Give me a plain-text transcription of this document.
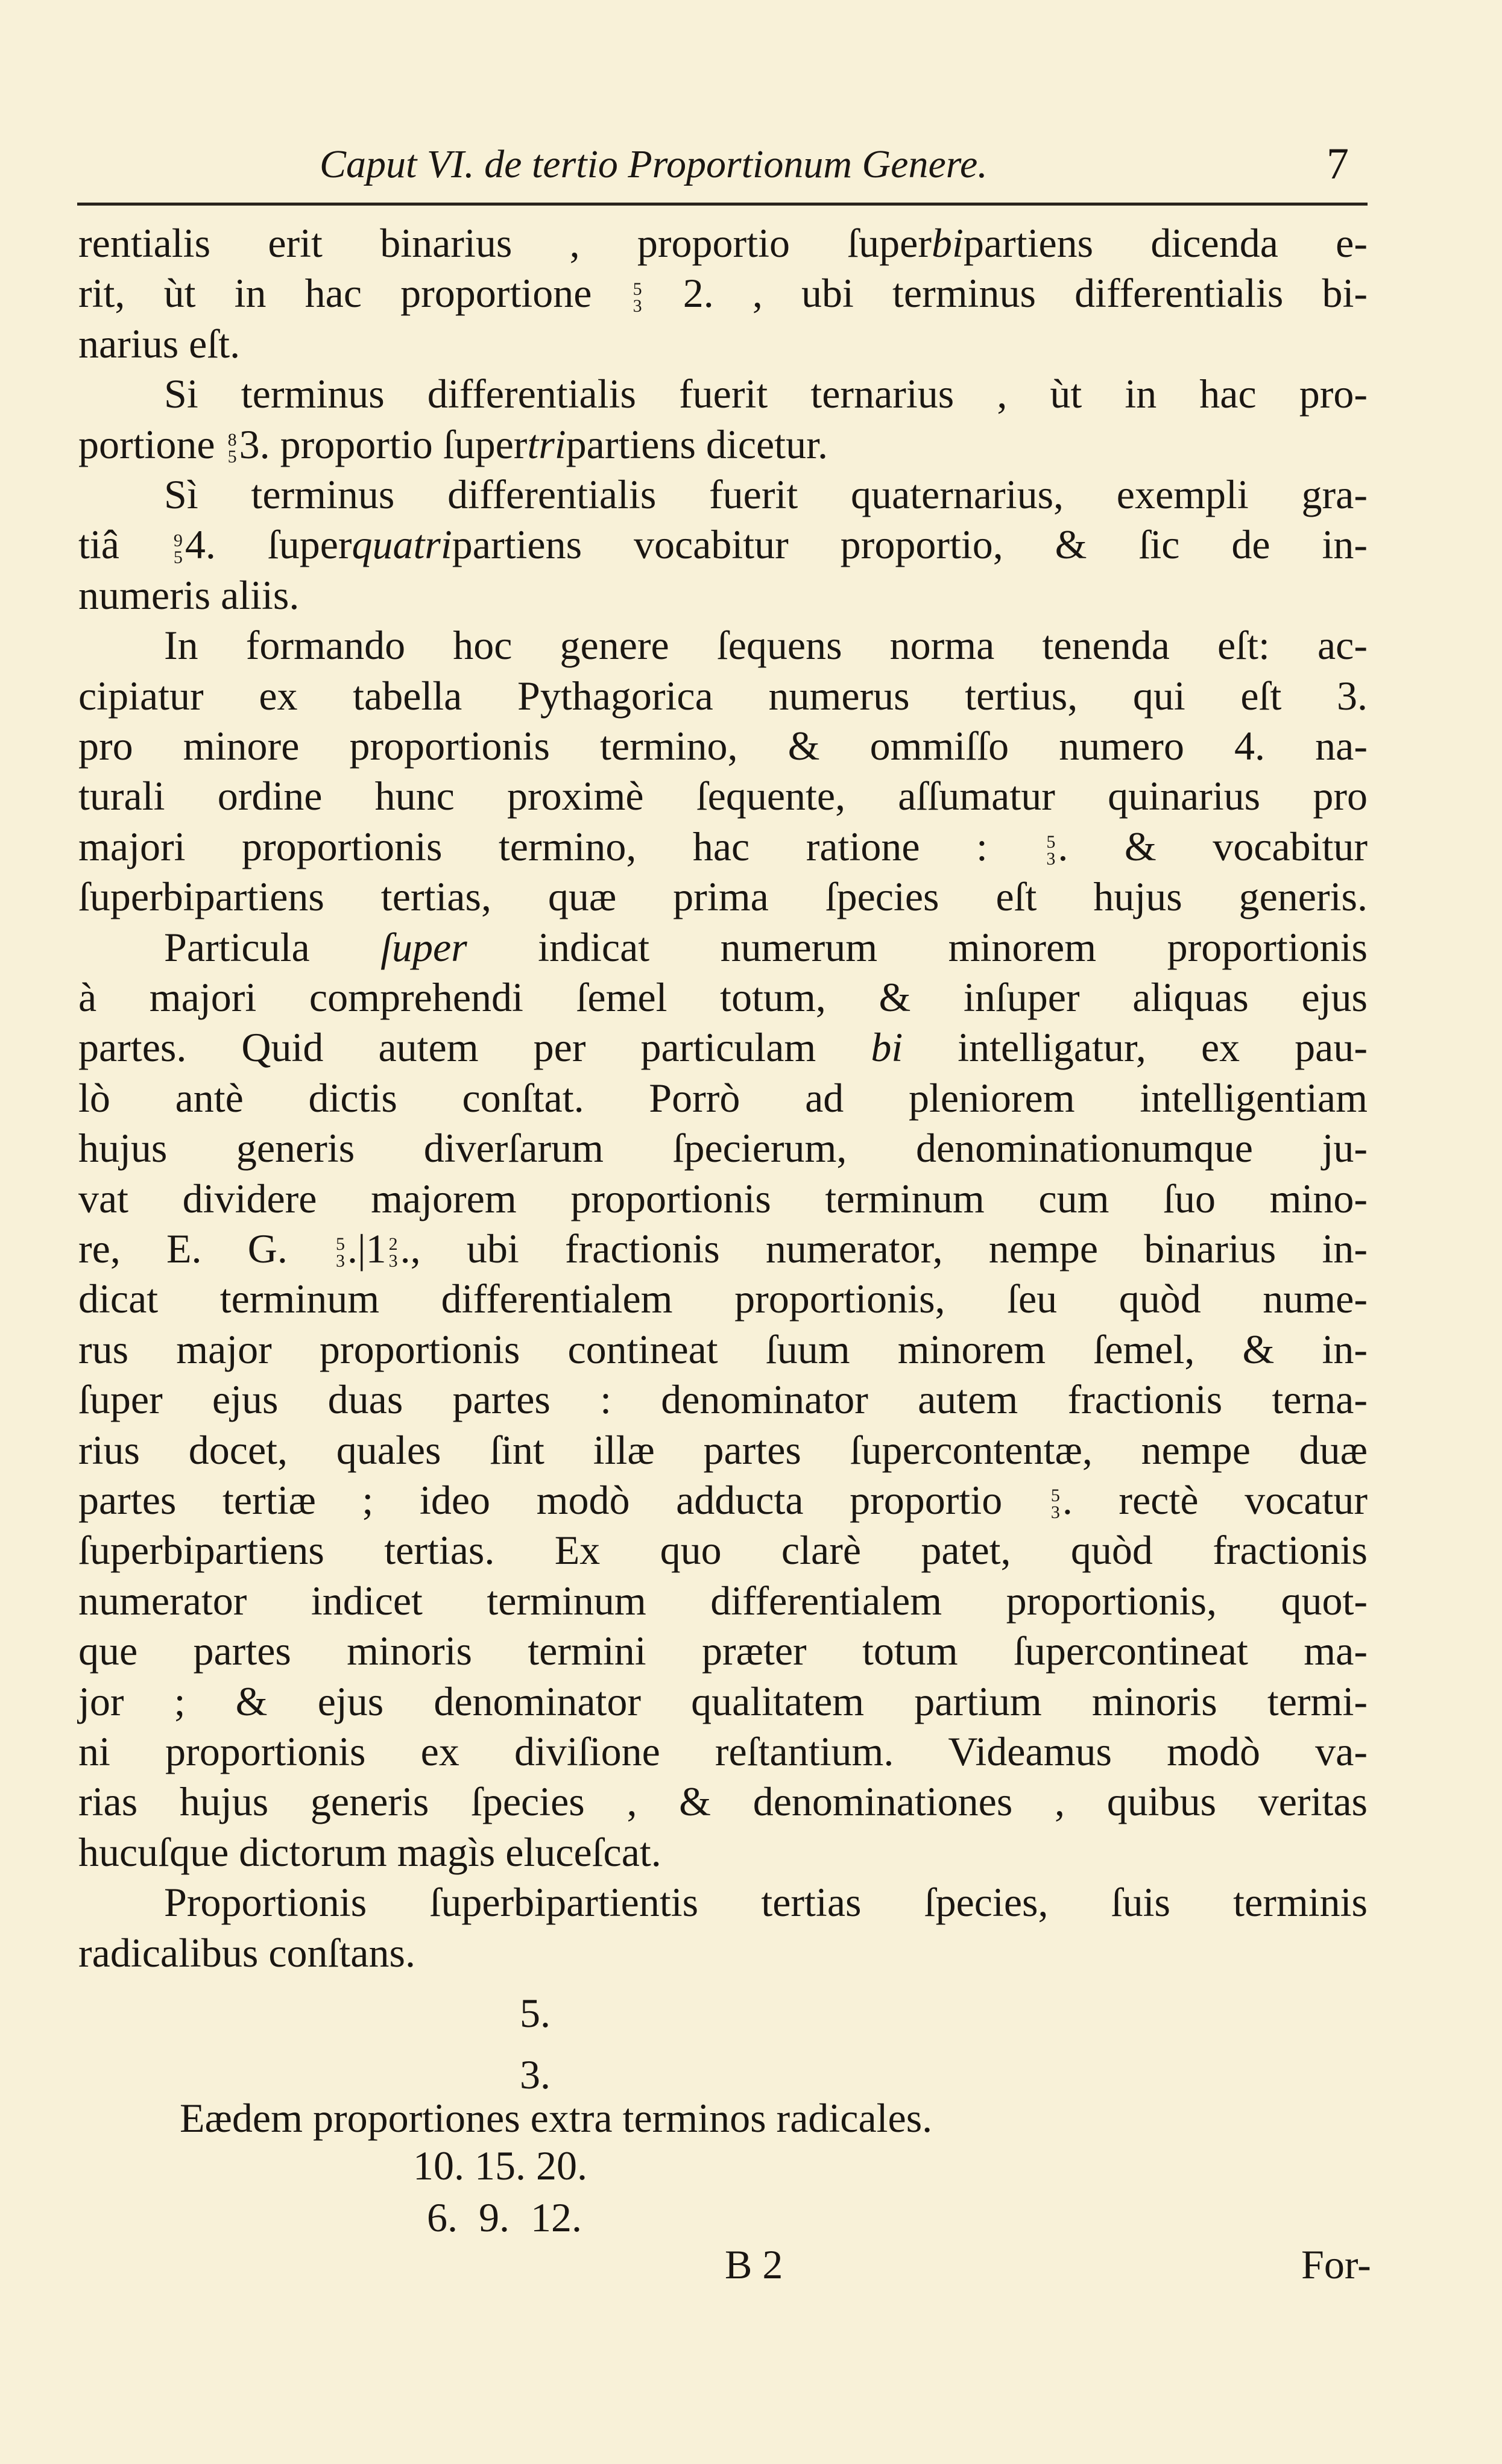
Caput VI. de tertio Proportionum Genere.	7
rentialis erit binarius , proportio ſuperbipartiens dicenda e-
rit, ùt in hac proportione 5
3 2. , ubi terminus differentialis bi-
narius eſt.
Si terminus differentialis fuerit ternarius , ùt in hac pro-
portione 8
5 3. proportio ſupertripartiens dicetur.
Sì terminus differentialis fuerit quaternarius, exempli gra-
tiâ 9
5 4. ſuperquatripartiens vocabitur proportio, & ſic de in-
numeris aliis.
In formando hoc genere ſequens norma tenenda eſt: ac-
cipiatur ex tabella Pythagorica numerus tertius, qui eſt 3.
pro minore proportionis termino, & ommiſſo numero 4. na-
turali ordine hunc proximè ſequente, aſſumatur quinarius pro
majori proportionis termino, hac ratione : 5
3 . & vocabitur
ſuperbipartiens tertias, quæ prima ſpecies eſt hujus generis.
Particula ſuper indicat numerum minorem proportionis
à majori comprehendi ſemel totum, & inſuper aliquas ejus
partes. Quid autem per particulam bi intelligatur, ex pau-
lò antè dictis conſtat. Porrò ad pleniorem intelligentiam
hujus generis diverſarum ſpecierum, denominationumque ju-
vat dividere majorem proportionis terminum cum ſuo mino-
re, E. G. 5
3 .|1 2
3 ., ubi fractionis numerator, nempe binarius in-
dicat terminum differentialem proportionis, ſeu quòd nume-
rus major proportionis contineat ſuum minorem ſemel, & in-
ſuper ejus duas partes : denominator autem fractionis terna-
rius docet, quales ſint illæ partes ſupercontentæ, nempe duæ
partes tertiæ ; ideo modò adducta proportio 5
3 . rectè vocatur
ſuperbipartiens tertias. Ex quo clarè patet, quòd fractionis
numerator indicet terminum differentialem proportionis, quot-
que partes minoris termini præter totum ſupercontineat ma-
jor ; & ejus denominator qualitatem partium minoris termi-
ni proportionis ex diviſione reſtantium. Videamus modò va-
rias hujus generis ſpecies , & denominationes , quibus veritas
hucuſque dictorum magìs eluceſcat.
Proportionis ſuperbipartientis tertias ſpecies, ſuis terminis
radicalibus conſtans.
5.
3.
Eædem proportiones extra terminos radicales.
10. 15. 20.
6. 9. 12.
B 2	For-
